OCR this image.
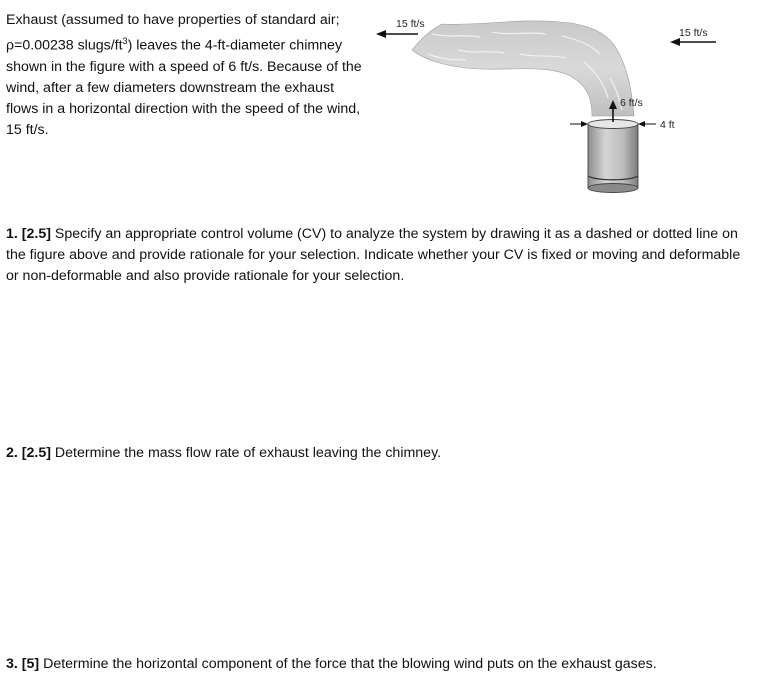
Exhaust (assumed to have properties of standard air; ρ=0.00238 slugs/$ft^3$) leaves the 4-ft-diameter chimney shown in the figure with a speed of 6 ft/s. Because of the wind, after a few diameters downstream the exhaust flows in a horizontal direction with the speed of the wind, 15 ft/s.

15 ft/s
15 ft/s
6 ft/s
4 ft

1. [2.5] Specify an appropriate control volume (CV) to analyze the system by drawing it as a dashed or dotted line on the figure above and provide rationale for your selection. Indicate whether your CV is fixed or moving and deformable or non-deformable and also provide rationale for your selection.

2. [2.5] Determine the mass flow rate of exhaust leaving the chimney.

3. [5] Determine the horizontal component of the force that the blowing wind puts on the exhaust gases.
